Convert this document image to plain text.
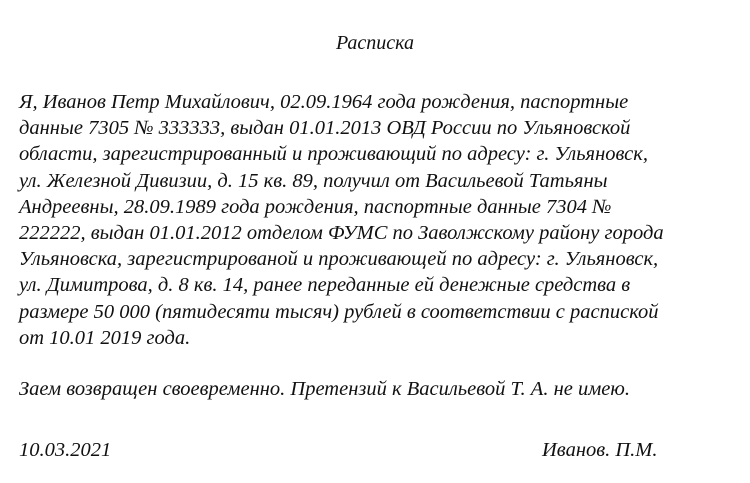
Расписка
Я, Иванов Петр Михайлович, 02.09.1964 года рождения, паспортные
данные 7305 № 333333, выдан 01.01.2013 ОВД России по Ульяновской
области, зарегистрированный и проживающий по адресу: г. Ульяновск,
ул. Железной Дивизии, д. 15 кв. 89, получил от Васильевой Татьяны
Андреевны, 28.09.1989 года рождения, паспортные данные 7304 №
222222, выдан 01.01.2012 отделом ФУМС по Заволжскому району города
Ульяновска, зарегистрированой и проживающей по адресу: г. Ульяновск,
ул. Димитрова, д. 8 кв. 14, ранее переданные ей денежные средства в
размере 50 000 (пятидесяти тысяч) рублей в соответствии с распиской
от 10.01 2019 года.
Заем возвращен своевременно. Претензий к Васильевой Т. А. не имею.
10.03.2021	Иванов. П.М.
